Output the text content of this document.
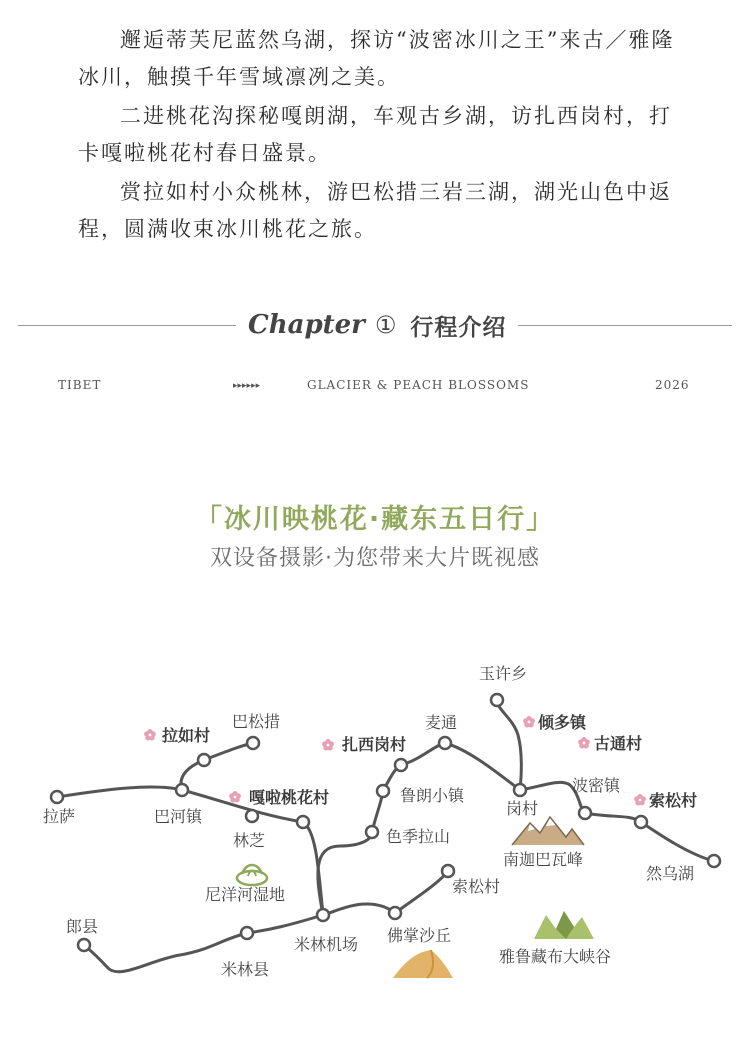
邂逅蒂芙尼蓝然乌湖，探访“波密冰川之王”来古／雅隆冰川，触摸千年雪域凛冽之美。

二进桃花沟探秘嘎朗湖，车观古乡湖，访扎西岗村，打卡嘎啦桃花村春日盛景。

赏拉如村小众桃林，游巴松措三岩三湖，湖光山色中返程，圆满收束冰川桃花之旅。

Chapter ① 行程介绍
TIBET	▸▸▸▸▸▸	GLACIER & PEACH BLOSSOMS	2026
「冰川映桃花·藏东五日行」
双设备摄影·为您带来大片既视感
拉萨
巴松措
拉如村
巴河镇
嘎啦桃花村
林芝
尼洋河湿地
扎西岗村
麦通
鲁朗小镇
色季拉山
玉许乡
倾多镇
古通村
岗村
波密镇
南迦巴瓦峰
索松村
然乌湖
索松村
佛掌沙丘
雅鲁藏布大峡谷
米林机场
米林县
郎县
